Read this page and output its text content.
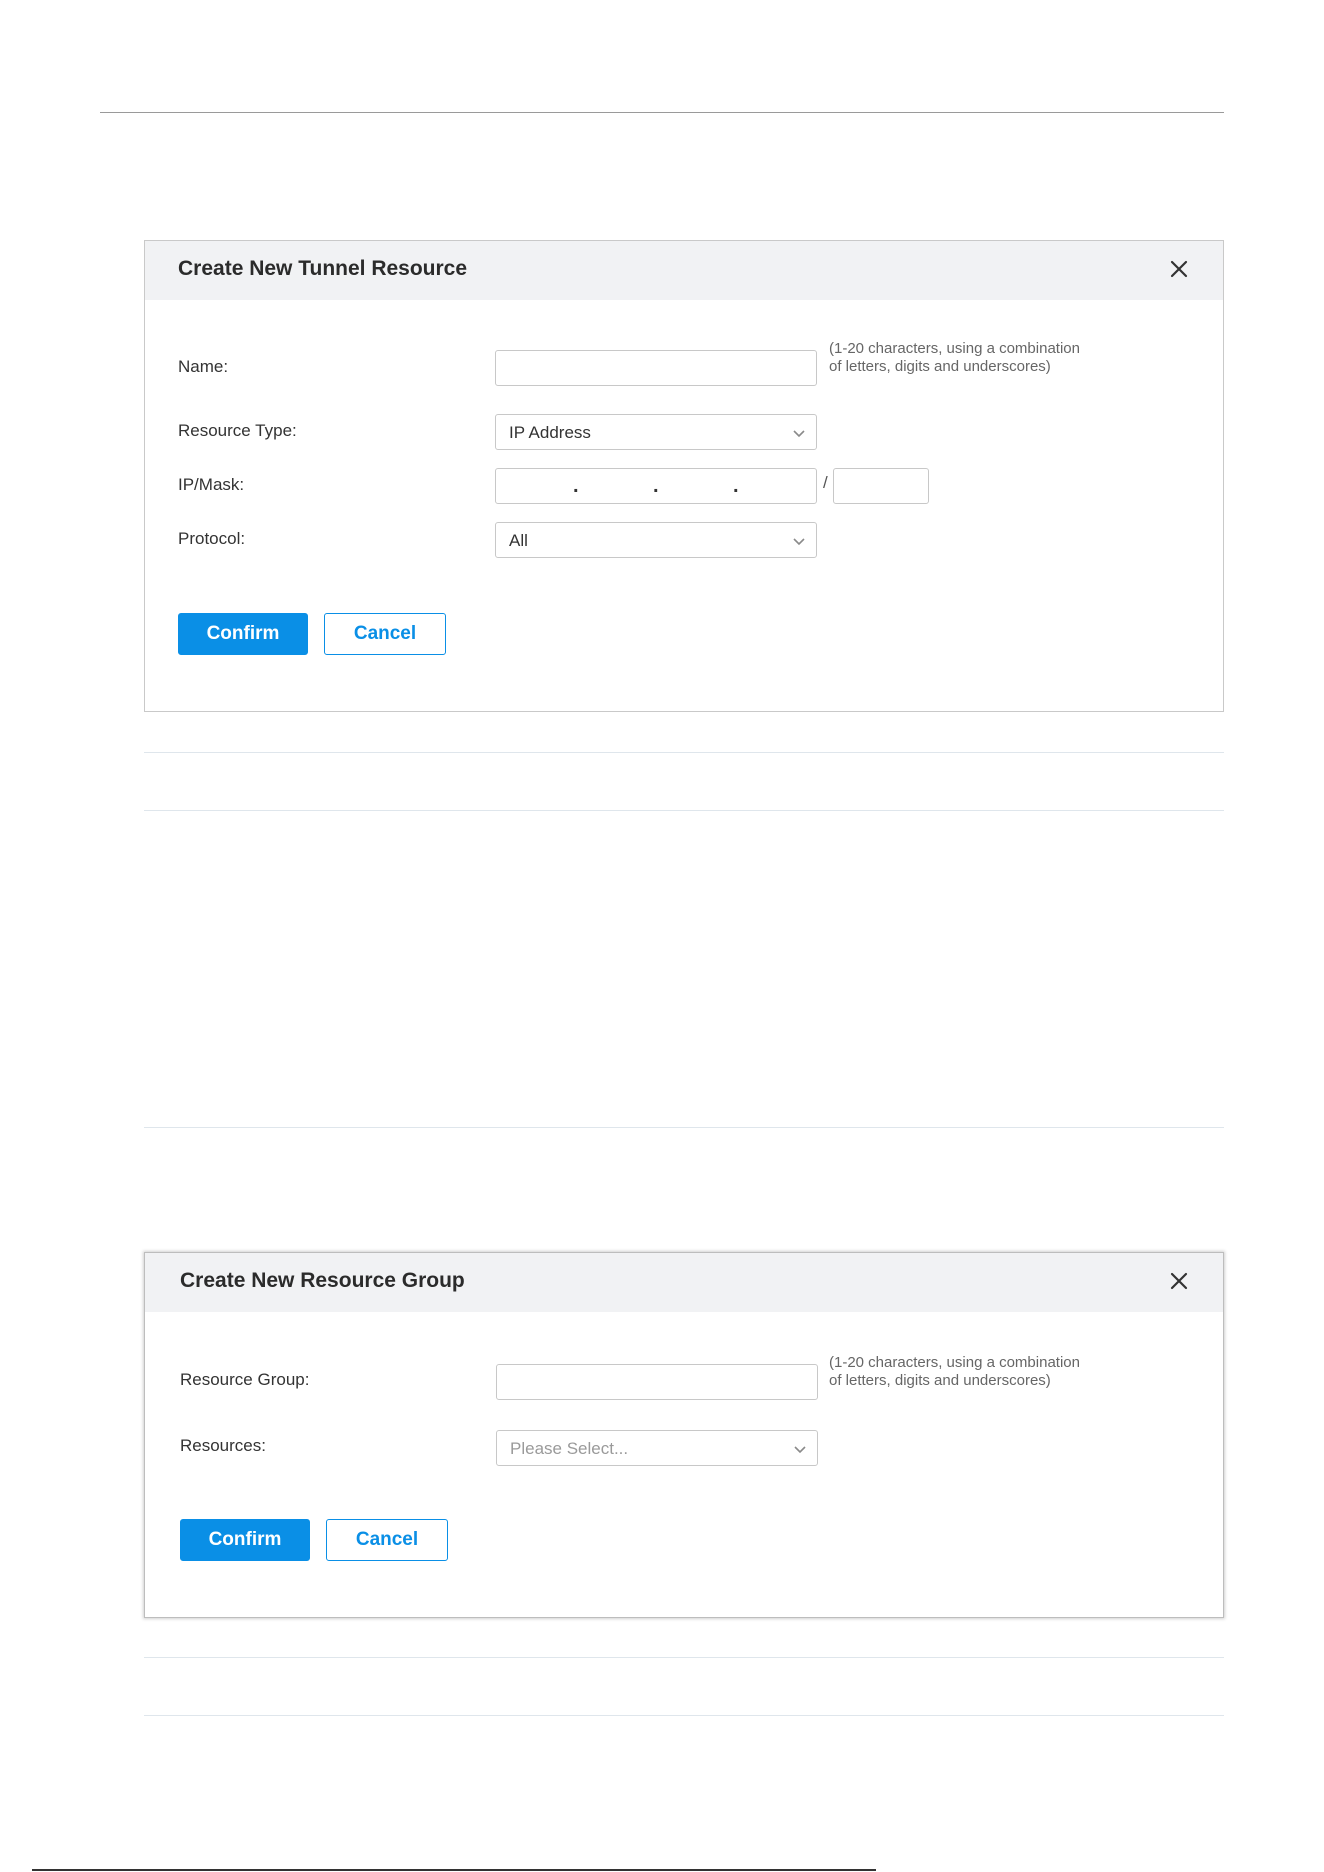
Create New Tunnel Resource
Name:
(1-20 characters, using a combination of letters, digits and underscores)
Resource Type:	IP Address
IP/Mask:	.	.	.	/
Protocol:	All
Confirm	Cancel
Create New Resource Group
Resource Group:
(1-20 characters, using a combination of letters, digits and underscores)
Resources:	Please Select...
Confirm	Cancel
